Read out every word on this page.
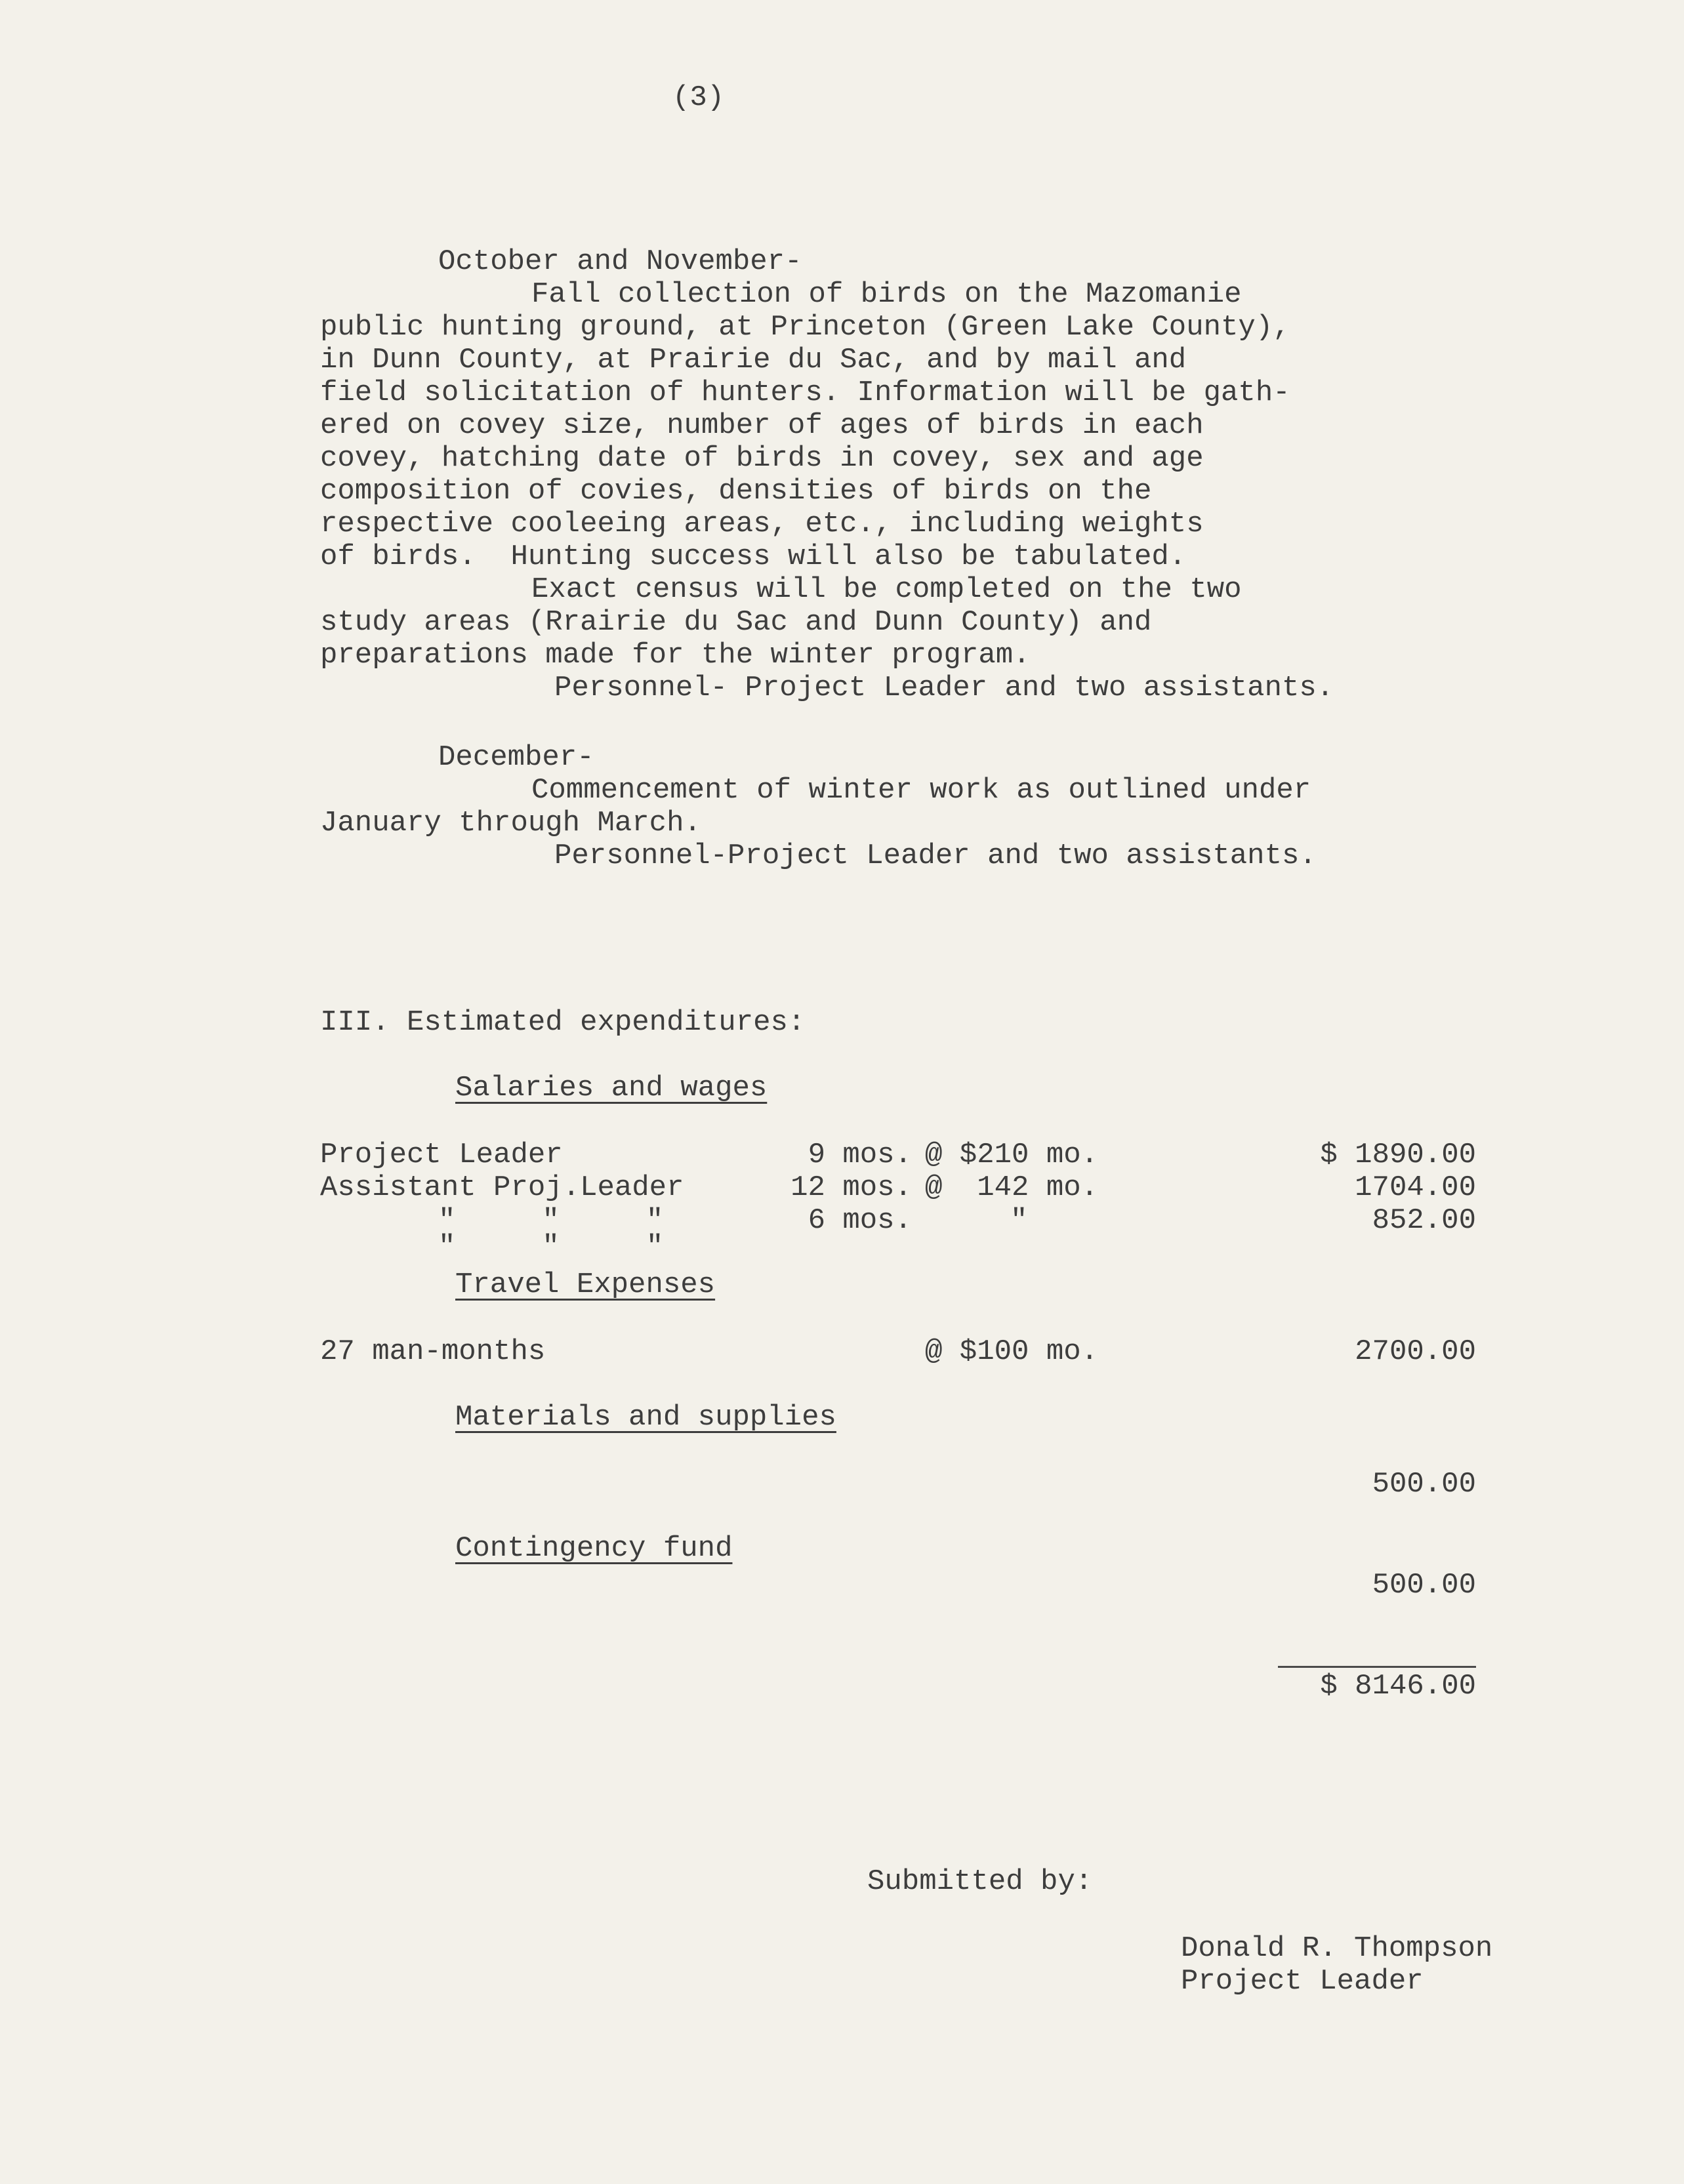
(3)

October and November-

Fall collection of birds on the Mazomanie

public hunting ground, at Princeton (Green Lake County),

in Dunn County, at Prairie du Sac, and by mail and

field solicitation of hunters. Information will be gath-

ered on covey size, number of ages of birds in each

covey, hatching date of birds in covey, sex and age

composition of covies, densities of birds on the

respective cooleeing areas, etc., including weights

of birds.  Hunting success will also be tabulated.

Exact census will be completed on the two

study areas (Rrairie du Sac and Dunn County) and

preparations made for the winter program.

Personnel- Project Leader and two assistants.

December-

Commencement of winter work as outlined under

January through March.

Personnel-Project Leader and two assistants.

III. Estimated expenditures:

Salaries and wages

Project Leader	9 mos. @ $210 mo.	$ 1890.00

Assistant Proj.Leader	12 mos. @  142 mo.	1704.00

"     "     "	6 mos.	"	852.00

"     "     "

Travel Expenses

27 man-months	@ $100 mo.	2700.00

Materials and supplies

500.00

Contingency fund

500.00

$ 8146.00

Submitted by:

Donald R. Thompson

Project Leader
